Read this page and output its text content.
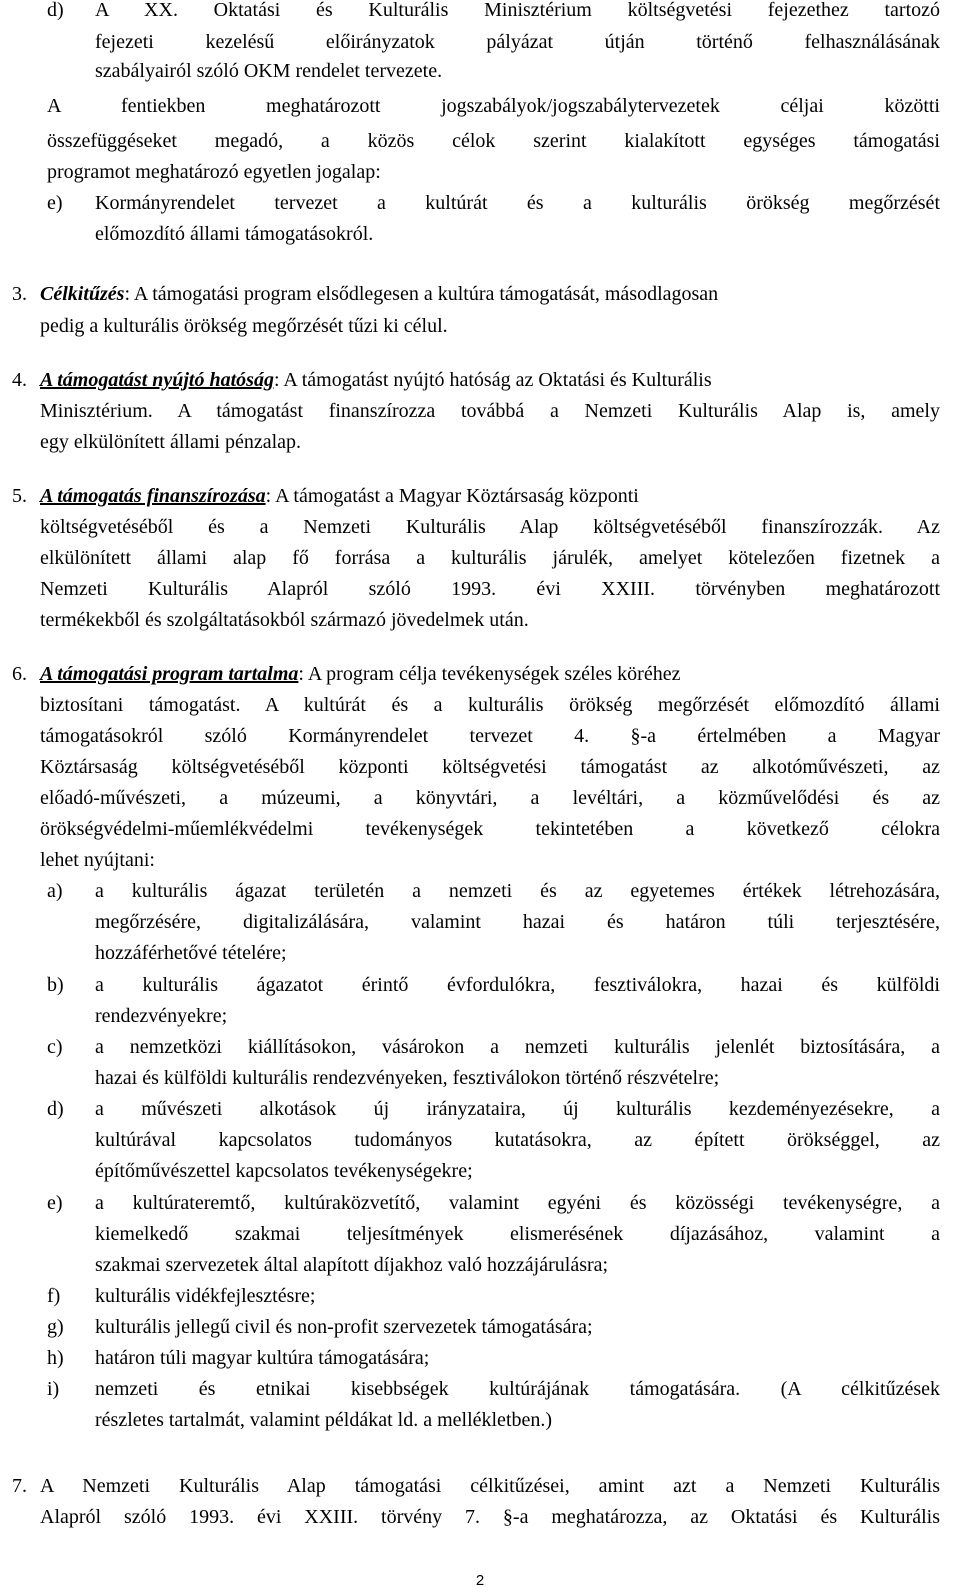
d) A XX. Oktatási és Kulturális Minisztérium költségvetési fejezethez tartozó
fejezeti kezelésű előirányzatok pályázat útján történő felhasználásának
szabályairól szóló OKM rendelet tervezete.
A fentiekben meghatározott jogszabályok/jogszabálytervezetek céljai közötti
összefüggéseket megadó, a közös célok szerint kialakított egységes támogatási
programot meghatározó egyetlen jogalap:
e) Kormányrendelet tervezet a kultúrát és a kulturális örökség megőrzését
előmozdító állami támogatásokról.
3. Célkitűzés: A támogatási program elsődlegesen a kultúra támogatását, másodlagosan
pedig a kulturális örökség megőrzését tűzi ki célul.
4. A támogatást nyújtó hatóság: A támogatást nyújtó hatóság az Oktatási és Kulturális
Minisztérium. A támogatást finanszírozza továbbá a Nemzeti Kulturális Alap is, amely
egy elkülönített állami pénzalap.
5. A támogatás finanszírozása: A támogatást a Magyar Köztársaság központi
költségvetéséből és a Nemzeti Kulturális Alap költségvetéséből finanszírozzák. Az
elkülönített állami alap fő forrása a kulturális járulék, amelyet kötelezően fizetnek a
Nemzeti Kulturális Alapról szóló 1993. évi XXIII. törvényben meghatározott
termékekből és szolgáltatásokból származó jövedelmek után.
6. A támogatási program tartalma: A program célja tevékenységek széles köréhez
biztosítani támogatást. A kultúrát és a kulturális örökség megőrzését előmozdító állami
támogatásokról szóló Kormányrendelet tervezet 4. §-a értelmében a Magyar
Köztársaság költségvetéséből központi költségvetési támogatást az alkotóművészeti, az
előadó-művészeti, a múzeumi, a könyvtári, a levéltári, a közművelődési és az
örökségvédelmi-műemlékvédelmi tevékenységek tekintetében a következő célokra
lehet nyújtani:
a) a kulturális ágazat területén a nemzeti és az egyetemes értékek létrehozására,
megőrzésére, digitalizálására, valamint hazai és határon túli terjesztésére,
hozzáférhetővé tételére;
b) a kulturális ágazatot érintő évfordulókra, fesztiválokra, hazai és külföldi
rendezvényekre;
c) a nemzetközi kiállításokon, vásárokon a nemzeti kulturális jelenlét biztosítására, a
hazai és külföldi kulturális rendezvényeken, fesztiválokon történő részvételre;
d) a művészeti alkotások új irányzataira, új kulturális kezdeményezésekre, a
kultúrával kapcsolatos tudományos kutatásokra, az épített örökséggel, az
építőművészettel kapcsolatos tevékenységekre;
e) a kultúrateremtő, kultúraközvetítő, valamint egyéni és közösségi tevékenységre, a
kiemelkedő szakmai teljesítmények elismerésének díjazásához, valamint a
szakmai szervezetek által alapított díjakhoz való hozzájárulásra;
f) kulturális vidékfejlesztésre;
g) kulturális jellegű civil és non-profit szervezetek támogatására;
h) határon túli magyar kultúra támogatására;
i) nemzeti és etnikai kisebbségek kultúrájának támogatására. (A célkitűzések
részletes tartalmát, valamint példákat ld. a mellékletben.)
7. A Nemzeti Kulturális Alap támogatási célkitűzései, amint azt a Nemzeti Kulturális
Alapról szóló 1993. évi XXIII. törvény 7. §-a meghatározza, az Oktatási és Kulturális
2
